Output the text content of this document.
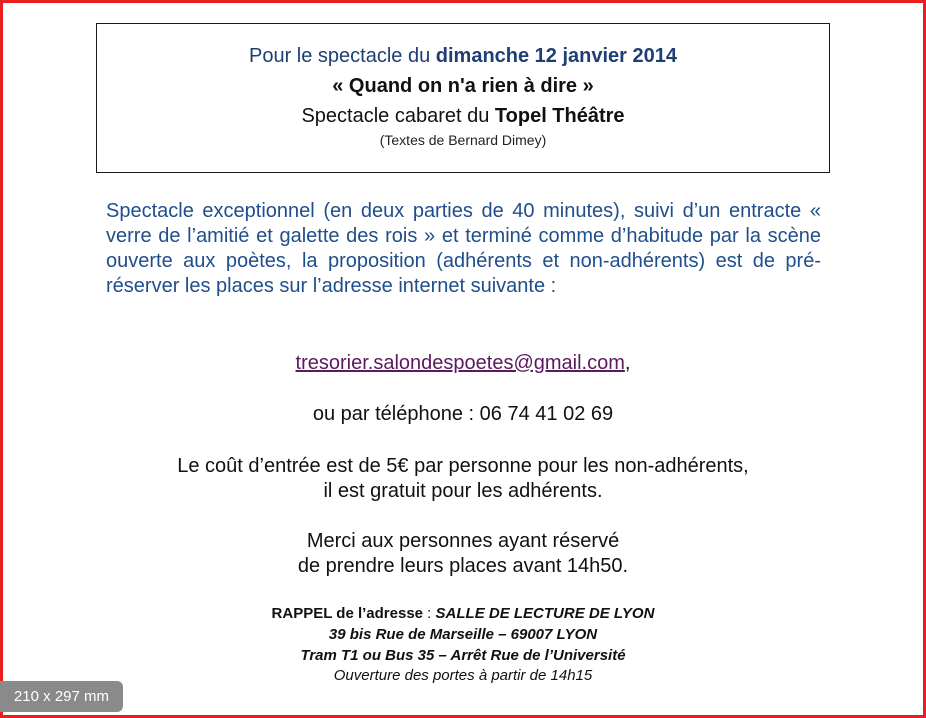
Pour le spectacle du dimanche 12 janvier 2014
« Quand on n'a rien à dire »
Spectacle cabaret du Topel Théâtre
(Textes de Bernard Dimey)
Spectacle exceptionnel (en deux parties de 40 minutes), suivi d’un entracte « verre de l’amitié et galette des rois » et terminé comme d’habitude par la scène ouverte aux poètes, la proposition (adhérents et non-adhérents) est de pré-réserver les places sur l’adresse internet suivante :
tresorier.salondespoetes@gmail.com,
ou par téléphone : 06 74 41 02 69
Le coût d’entrée est de 5€ par personne pour les non-adhérents,
il est gratuit pour les adhérents.
Merci aux personnes ayant réservé
de prendre leurs places avant 14h50.
RAPPEL de l’adresse : SALLE DE LECTURE DE LYON
39 bis Rue de Marseille – 69007 LYON
Tram T1 ou Bus 35 – Arrêt Rue de l’Université
Ouverture des portes à partir de 14h15
210 x 297 mm
